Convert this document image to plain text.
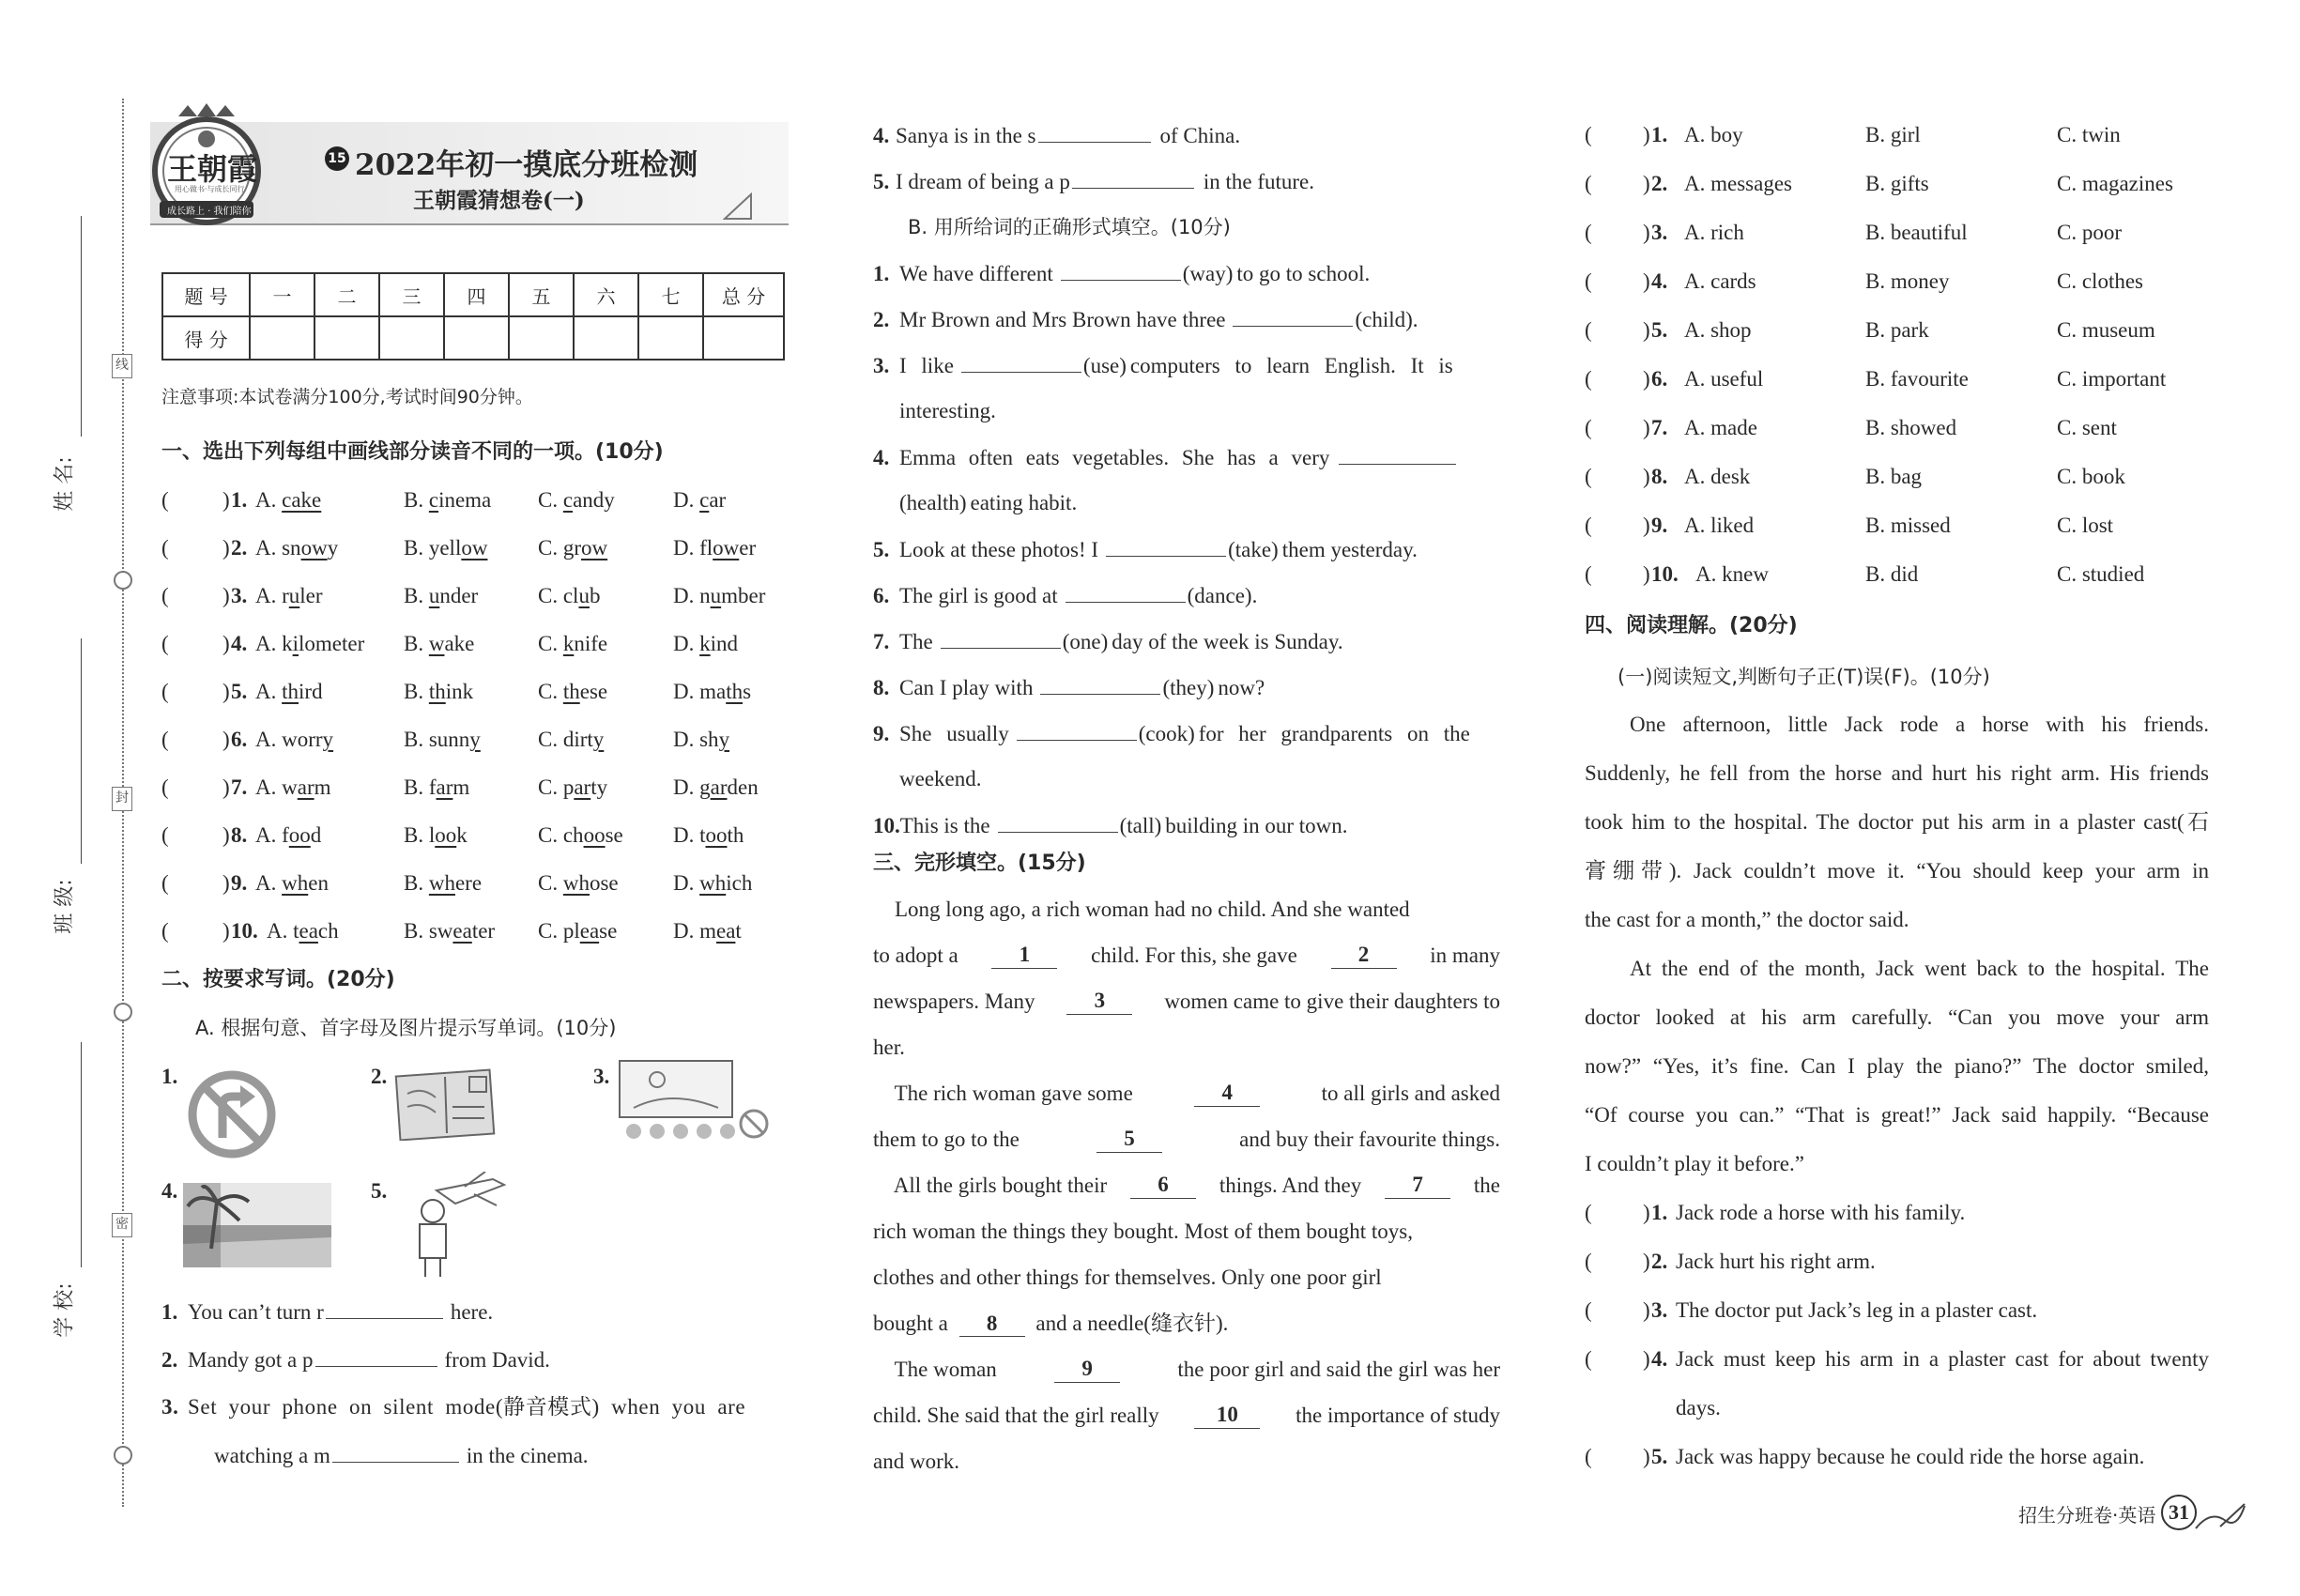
线
封
密
姓 名:
班 级:
学 校:
王朝霞
用心做书·与成长同行
成长路上 · 我们陪你
15 2022年初一摸底分班检测
王朝霞猜想卷(一)
题 号	一	二	三	四	五	六	七	总 分
得 分								
注意事项:本试卷满分100分,考试时间90分钟。
一、选出下列每组中画线部分读音不同的一项。(10分)
( ) 1. A. cake	B. cinema C. candy	D. car
( ) 2. A. snowy	B. yellow C. grow	D. flower
( ) 3. A. ruler	B. under	C. club	D. number
( ) 4. A. kilometer B. wake	C. knife	D. kind
( ) 5. A. third	B. think	C. these	D. maths
( ) 6. A. worry	B. sunny	C. dirty	D. shy
( ) 7. A. warm	B. farm	C. party	D. garden
( ) 8. A. food	B. look	C. choose D. tooth
( ) 9. A. when	B. where	C. whose	D. which
( ) 10. A. teach	B. sweater C. please	D. meat
二、按要求写词。(20分)
A. 根据句意、首字母及图片提示写单词。(10分)
1.	2.	3.
4.	5.
1. You can’t turn r	here.
2. Mandy got a p	from David.
3. Set your phone on silent mode(静音模式) when you are
watching a m	in the cinema.
4. Sanya is in the s	of China.
5. I dream of being a p	in the future.
B. 用所给词的正确形式填空。(10分)
1. We have different	(way) to go to school.
2. Mr Brown and Mrs Brown have three	(child).
3. I like	(use) computers to learn English. It is
interesting.
4. Emma often eats vegetables. She has a very
(health) eating habit.
5. Look at these photos! I	(take) them yesterday.
6. The girl is good at	(dance).
7. The	(one) day of the week is Sunday.
8. Can I play with	(they) now?
9. She usually	(cook) for her grandparents on the
weekend.
10.This is the	(tall) building in our town.
三、完形填空。(15分)
Long long ago, a rich woman had no child. And she wanted
to adopt a	1	child. For this, she gave	2	in many
newspapers. Many	3	women came to give their daughters to
her.
The rich woman gave some	4	to all girls and asked
them to go to the	5	and buy their favourite things.
All the girls bought their	6	things. And they	7	the
rich woman the things they bought. Most of them bought toys,
clothes and other things for themselves. Only one poor girl
bought a 8 and a needle(缝衣针).
The woman	9	the poor girl and said the girl was her
child. She said that the girl really	10	the importance of study
and work.
( ) 1. A. boy	B. girl	C. twin
( ) 2. A. messages	B. gifts	C. magazines
( ) 3. A. rich	B. beautiful	C. poor
( ) 4. A. cards	B. money	C. clothes
( ) 5. A. shop	B. park	C. museum
( ) 6. A. useful	B. favourite	C. important
( ) 7. A. made	B. showed	C. sent
( ) 8. A. desk	B. bag	C. book
( ) 9. A. liked	B. missed	C. lost
( ) 10. A. knew	B. did	C. studied
四、阅读理解。(20分)
(一)阅读短文,判断句子正(T)误(F)。(10分)
One afternoon, little Jack rode a horse with his friends.
Suddenly, he fell from the horse and hurt his right arm. His friends
took him to the hospital. The doctor put his arm in a plaster cast(石
膏绷带). Jack couldn’t move it. “You should keep your arm in
the cast for a month,” the doctor said.
At the end of the month, Jack went back to the hospital. The
doctor looked at his arm carefully. “Can you move your arm
now?” “Yes, it’s fine. Can I play the piano?” The doctor smiled,
“Of course you can.” “That is great!” Jack said happily. “Because
I couldn’t play it before.”
( ) 1. Jack rode a horse with his family.
( ) 2. Jack hurt his right arm.
( ) 3. The doctor put Jack’s leg in a plaster cast.
( ) 4. Jack must keep his arm in a plaster cast for about twenty
days.
( ) 5. Jack was happy because he could ride the horse again.
招生分班卷·英语 31
